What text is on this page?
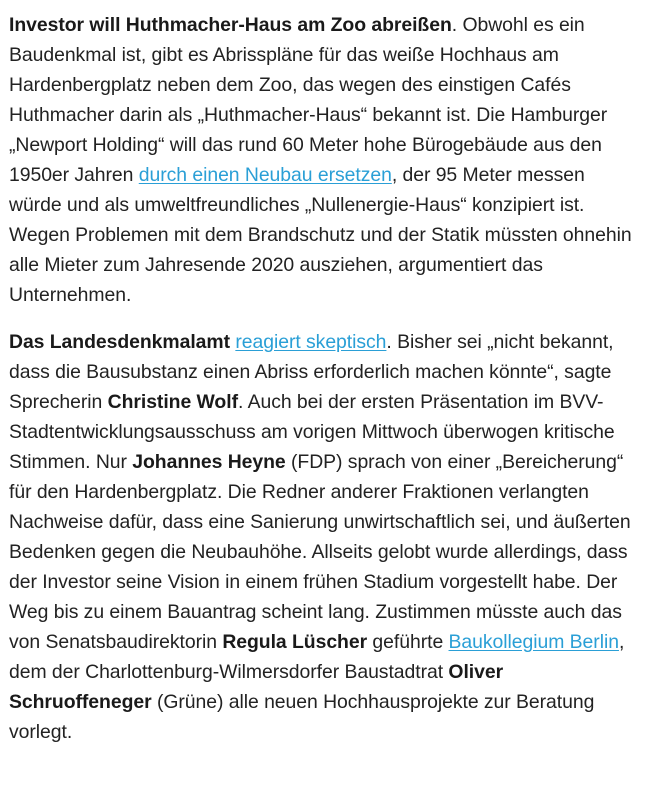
Investor will Huthmacher-Haus am Zoo abreißen. Obwohl es ein Baudenkmal ist, gibt es Abrisspläne für das weiße Hochhaus am Hardenbergplatz neben dem Zoo, das wegen des einstigen Cafés Huthmacher darin als „Huthmacher-Haus“ bekannt ist. Die Hamburger „Newport Holding“ will das rund 60 Meter hohe Bürogebäude aus den 1950er Jahren durch einen Neubau ersetzen, der 95 Meter messen würde und als umweltfreundliches „Nullenergie-Haus“ konzipiert ist. Wegen Problemen mit dem Brandschutz und der Statik müssten ohnehin alle Mieter zum Jahresende 2020 ausziehen, argumentiert das Unternehmen.

Das Landesdenkmalamt reagiert skeptisch. Bisher sei „nicht bekannt, dass die Bausubstanz einen Abriss erforderlich machen könnte“, sagte Sprecherin Christine Wolf. Auch bei der ersten Präsentation im BVV-Stadtentwicklungsausschuss am vorigen Mittwoch überwogen kritische Stimmen. Nur Johannes Heyne (FDP) sprach von einer „Bereicherung“ für den Hardenbergplatz. Die Redner anderer Fraktionen verlangten Nachweise dafür, dass eine Sanierung unwirtschaftlich sei, und äußerten Bedenken gegen die Neubauhöhe. Allseits gelobt wurde allerdings, dass der Investor seine Vision in einem frühen Stadium vorgestellt habe. Der Weg bis zu einem Bauantrag scheint lang. Zustimmen müsste auch das von Senatsbaudirektorin Regula Lüscher geführte Baukollegium Berlin, dem der Charlottenburg-Wilmersdorfer Baustadtrat Oliver Schruoffeneger (Grüne) alle neuen Hochhausprojekte zur Beratung vorlegt.
